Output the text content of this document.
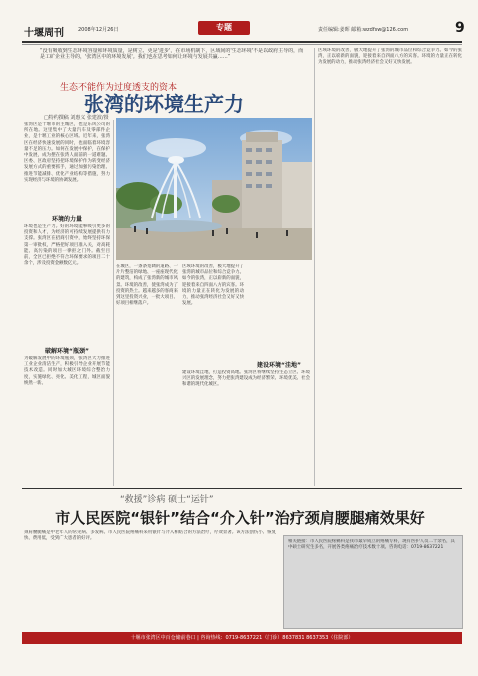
十堰周刊	2008年12月26日	专题	责任编辑:姜晖 邮箱:wzdfsw@126.com	9
“没有吸收到生态环境容量和环境质量，是树立、更是'进步'，在市场机制下，区域间的'生态环境'不是以政府主导的，而是工矿企业主导的，'张湾区中的环境发展'。我们也在思考如何让环境与发展共赢……”
生态不能作为过度透支的资本
张湾的环境生产力
□特约撰稿 刘惠义 张建波/摄
张湾区是十堰市的主城区，也是东风公司的所在地。这里集中了大量汽车及零部件企业，是十堰工业的核心区域。近年来，张湾区在经济快速发展的同时，也面临着环境容量不足的压力。如何在发展中保护，在保护中发展，成为摆在张湾人面前的一道难题。区委、区政府坚持把环境保护作为转变经济发展方式的重要抓手，通过加强污染治理、推进节能减排、优化产业结构等措施，努力实现经济与环境的协调发展。
环境的力量
环境也是生产力。好的环境能够吸引更多的投资和人才，为经济的可持续发展提供有力支撑。张湾区在招商引资中，始终坚持环保第一审批权，严格把好项目准入关，对高耗能、高污染的项目一律拒之门外。截至目前，全区已拒绝不符合环保要求的项目二十余个，涉及投资金额数亿元。
破解环境“瓶颈”
为破解发展中的环境瓶颈，张湾区大力推进工业企业清洁生产，积极引导企业开展节能技术改造。同时加大城区环境综合整治力度，实施绿化、亮化、美化工程，城区面貌焕然一新。
在城区，一条条宽阔的道路、一片片整洁的绿地、一座座现代化的建筑，构成了张湾新的城市风景。环境的改善，使张湾成为了投资的热土。越来越多的客商来到这里投资兴业，一批大项目、好项目相继落户。
区域环境的改善，极大地提升了张湾的城市品位和综合竞争力。如今的张湾，正以崭新的面貌，迎接着来自四面八方的宾客。环境的力量正在转化为发展的动力，推动张湾经济社会又好又快发展。
建设环境“洼地”
建设环境洼地，打造投资高地。张湾区将继续坚持生态立区、环境兴区的发展理念，努力把张湾建设成为经济繁荣、环境优美、社会和谐的现代化城区。
区域环境的改善，极大地提升了张湾的城市品位和综合竞争力。如今的张湾，正以崭新的面貌，迎接着来自四面八方的宾客。环境的力量正在转化为发展的动力，推动张湾经济社会又好又快发展。
“救援”诊病 硕士“运针”
市人民医院“银针”结合“介入针”治疗颈肩腰腿痛效果好
颈肩腰腿痛是中老年人的常见病、多发病。市人民医院疼痛科采用银针与介入相结合的方法治疗，疗效显著。该方法创伤小、恢复快、费用低，受到广大患者的好评。
相关链接：市人民医院疼痛科是我市最早成立的疼痛专科，现有医护人员二十余名，其中硕士研究生多名，开展各类疼痛治疗技术数十项。咨询电话：0719-8637221
十堰市张湾区中百仓储前巷口 | 咨询热线：0719-8637221（门诊）8637831 8637353（住院部）
